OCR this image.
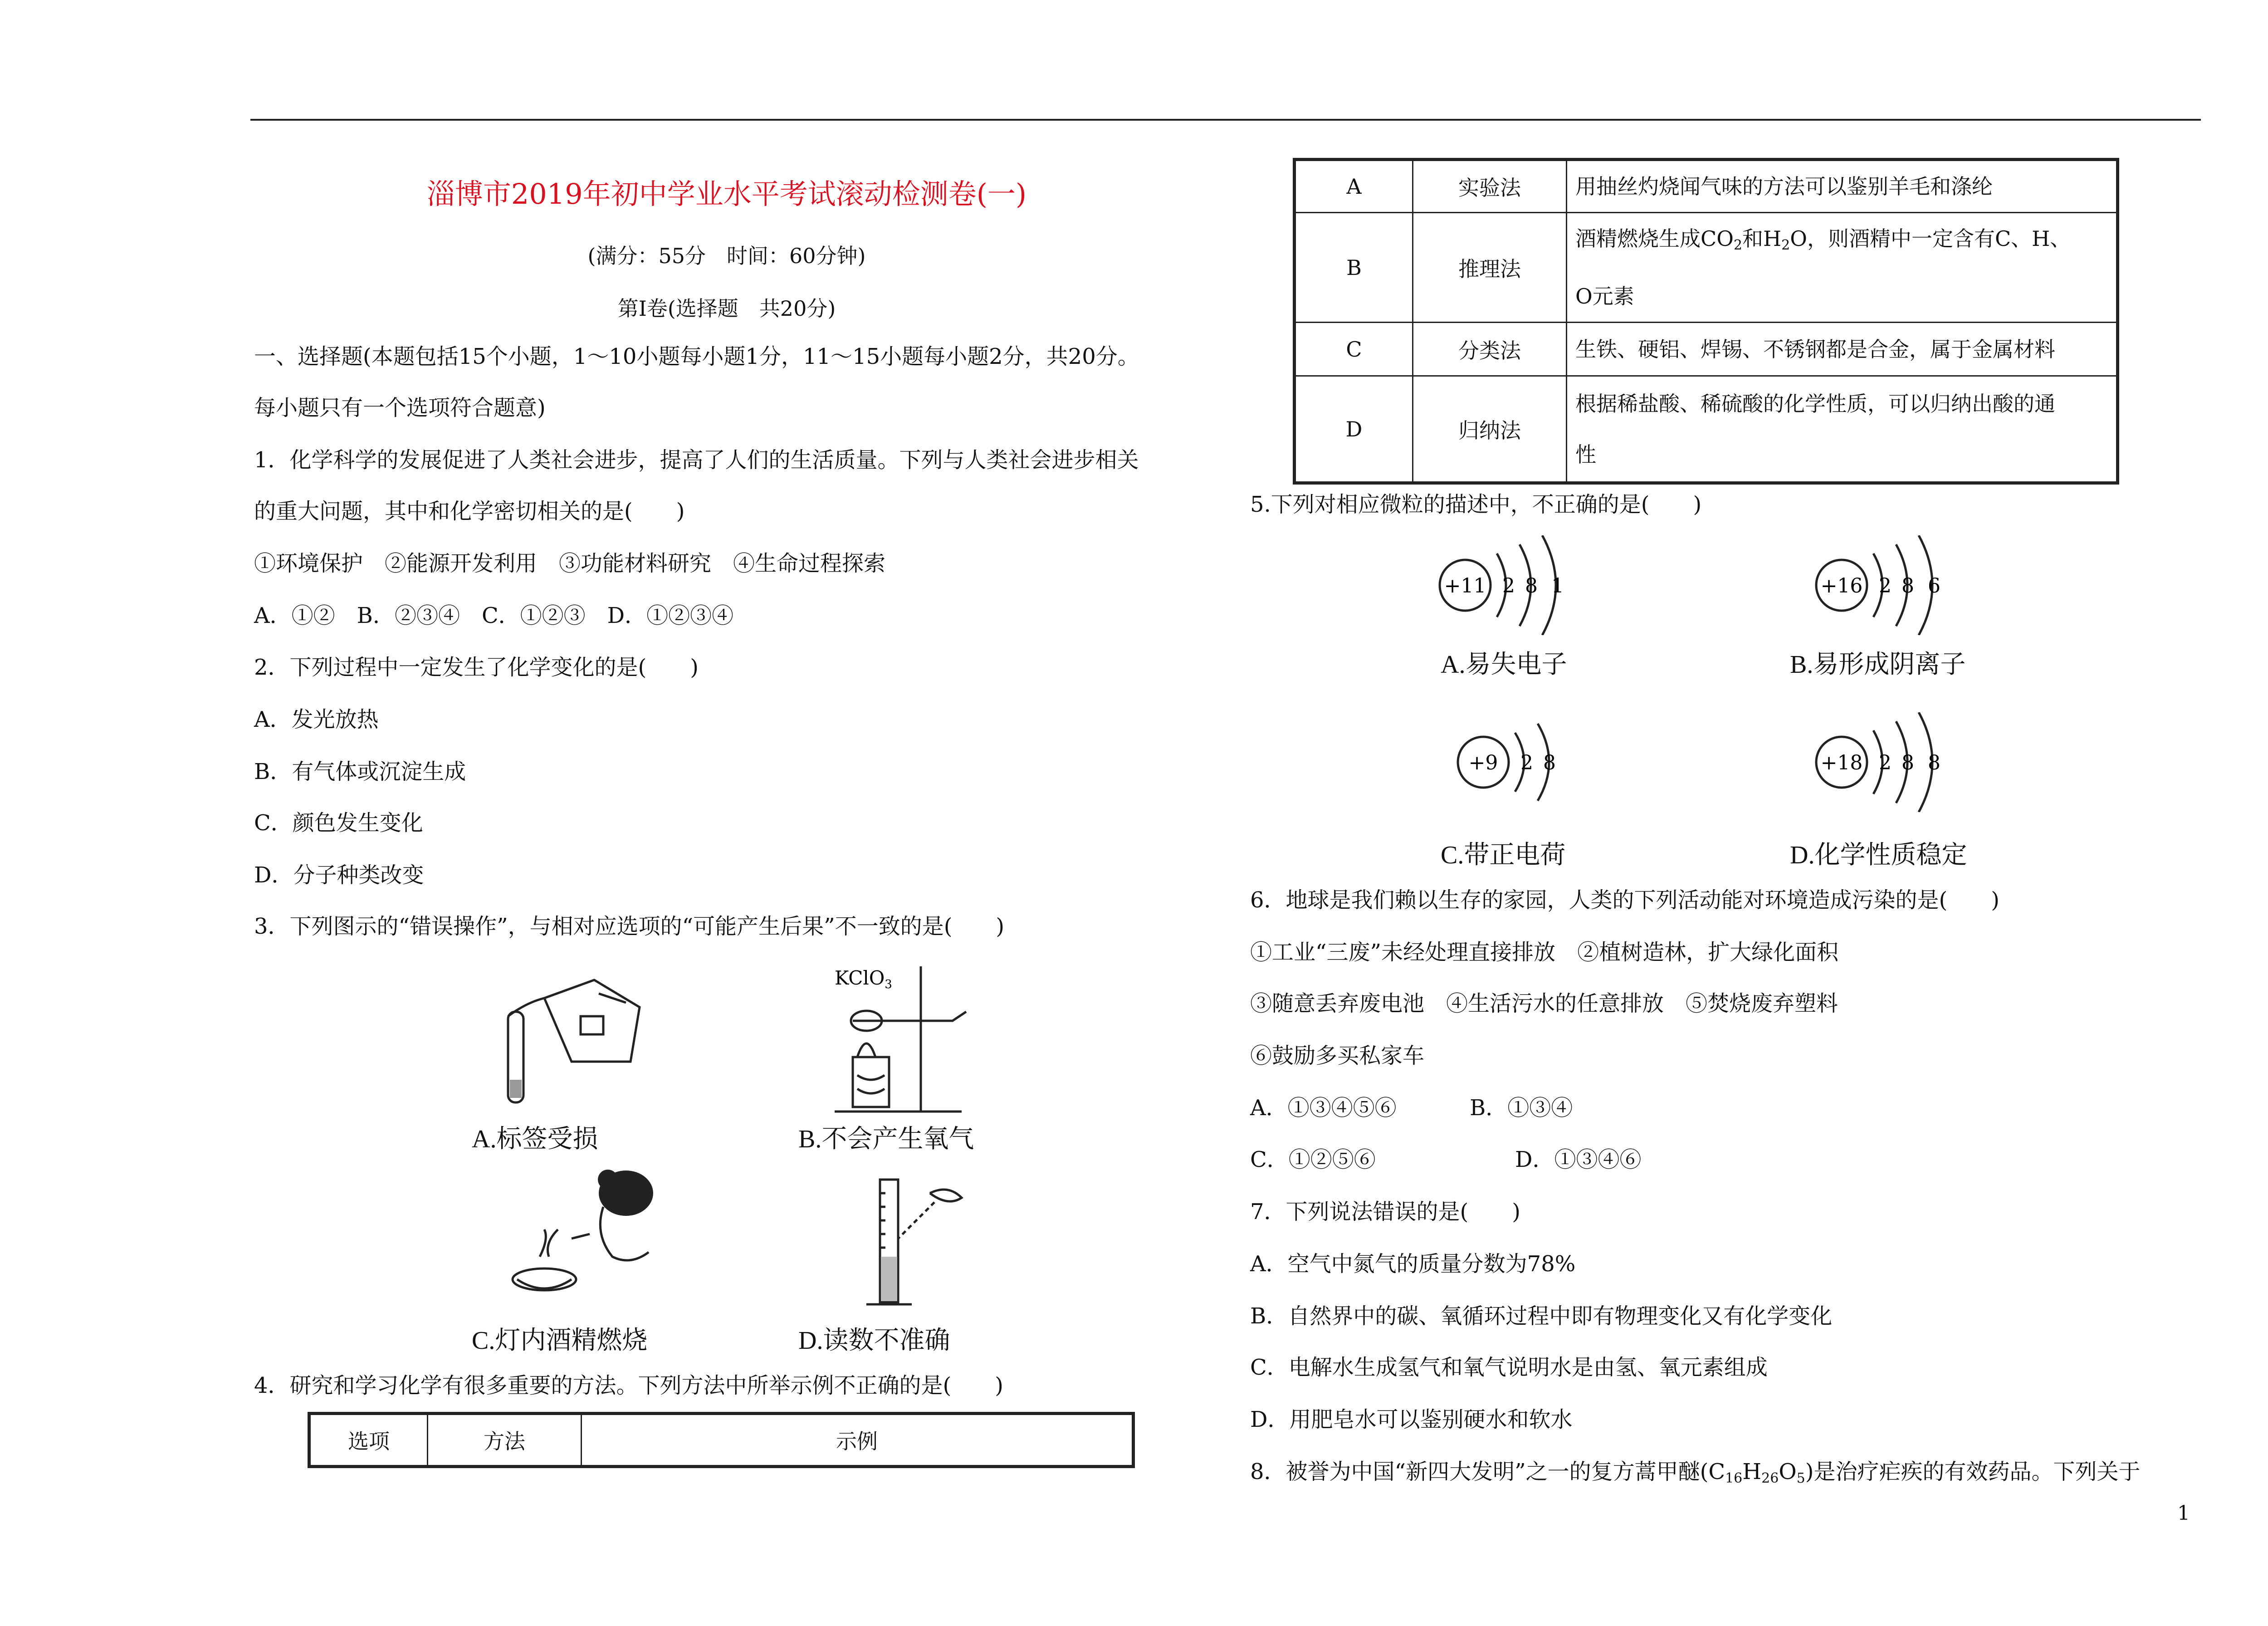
淄博市2019年初中学业水平考试滚动检测卷(一)
(满分：55分　时间：60分钟)
第Ⅰ卷(选择题　共20分)
一、选择题(本题包括15个小题，1～10小题每小题1分，11～15小题每小题2分，共20分。
每小题只有一个选项符合题意)
1．化学科学的发展促进了人类社会进步，提高了人们的生活质量。下列与人类社会进步相关
的重大问题，其中和化学密切相关的是(　　)
①环境保护　②能源开发利用　③功能材料研究　④生命过程探索
A．①②　B．②③④　C．①②③　D．①②③④
2．下列过程中一定发生了化学变化的是(　　)
A．发光放热
B．有气体或沉淀生成
C．颜色发生变化
D．分子种类改变
3．下列图示的“错误操作”，与相对应选项的“可能产生后果”不一致的是(　　)
A.标签受损
KClO3
B.不会产生氧气
C.灯内酒精燃烧	D.读数不准确
4．研究和学习化学有很多重要的方法。下列方法中所举示例不正确的是(　　)
选项	方法	示例
A	实验法	用抽丝灼烧闻气味的方法可以鉴别羊毛和涤纶
B	推理法	酒精燃烧生成$CO_2$和$H_2O$，则酒精中一定含有C、H、
O元素
C	分类法	生铁、硬铝、焊锡、不锈钢都是合金，属于金属材料
D	归纳法	根据稀盐酸、稀硫酸的化学性质，可以归纳出酸的通
性
5.下列对相应微粒的描述中，不正确的是(　　)
+11 2 8 1
A.易失电子
+16 2 8 6
B.易形成阴离子
+9 2 8
C.带正电荷
+18 2 8 8
D.化学性质稳定
6．地球是我们赖以生存的家园，人类的下列活动能对环境造成污染的是(　　)
①工业“三废”未经处理直接排放　②植树造林，扩大绿化面积
③随意丢弃废电池　④生活污水的任意排放　⑤焚烧废弃塑料
⑥鼓励多买私家车
A．①③④⑤⑥	B．①③④
C．①②⑤⑥	D．①③④⑥
7．下列说法错误的是(　　)
A．空气中氮气的质量分数为78%
B．自然界中的碳、氧循环过程中即有物理变化又有化学变化
C．电解水生成氢气和氧气说明水是由氢、氧元素组成
D．用肥皂水可以鉴别硬水和软水
8．被誉为中国“新四大发明”之一的复方蒿甲醚$(C_{16}H_{26}O_5)$是治疗疟疾的有效药品。下列关于
1
